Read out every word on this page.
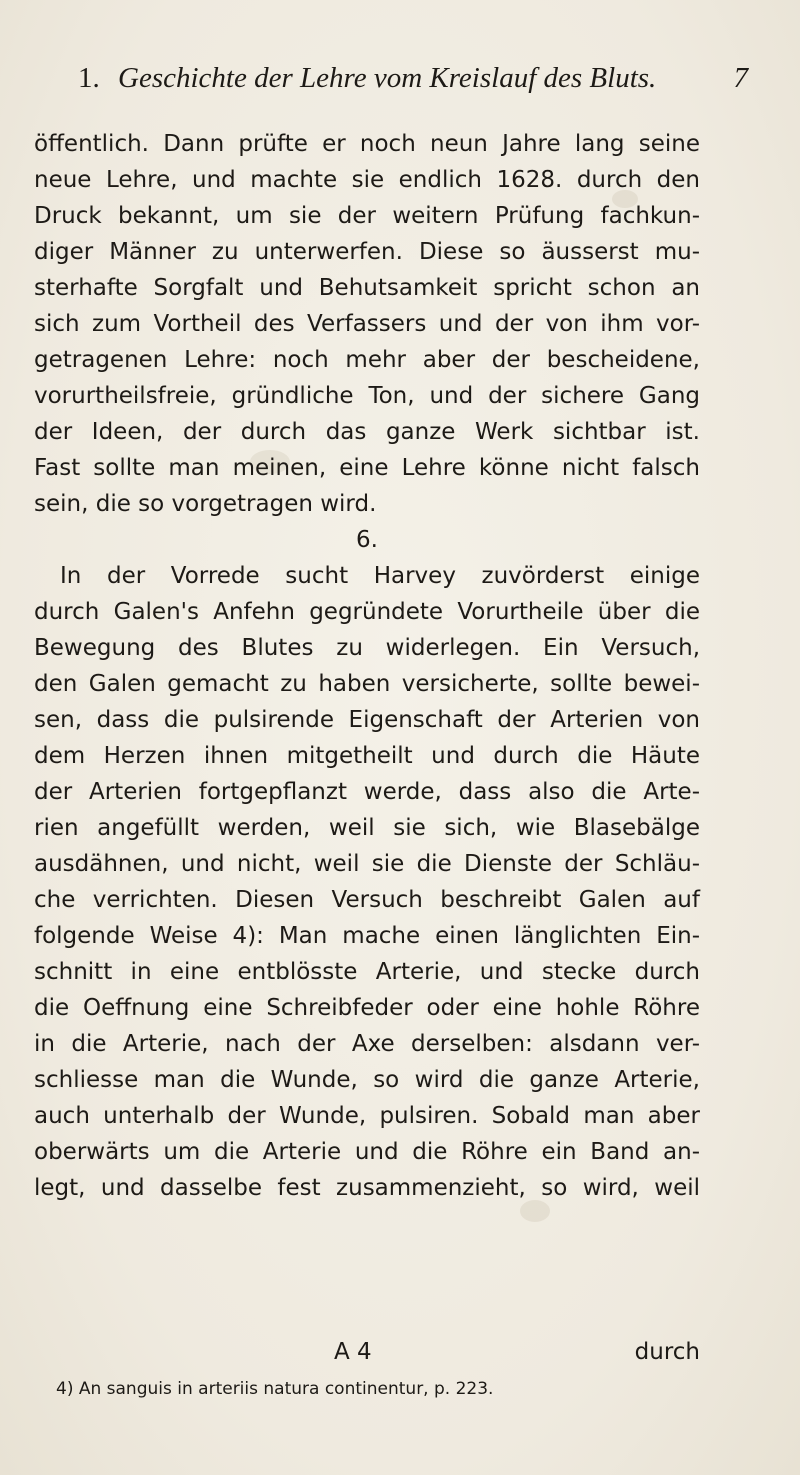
1. Geschichte der Lehre vom Kreislauf des Bluts.	7
öffentlich. Dann prüfte er noch neun Jahre lang seine
neue Lehre, und machte sie endlich 1628. durch den
Druck bekannt, um sie der weitern Prüfung fachkun-
diger Männer zu unterwerfen. Diese so äusserst mu-
sterhafte Sorgfalt und Behutsamkeit spricht schon an
sich zum Vortheil des Verfassers und der von ihm vor-
getragenen Lehre: noch mehr aber der bescheidene,
vorurtheilsfreie, gründliche Ton, und der sichere Gang
der Ideen, der durch das ganze Werk sichtbar ist.
Fast sollte man meinen, eine Lehre könne nicht falsch
sein, die so vorgetragen wird.
6.
In der Vorrede sucht Harvey zuvörderst einige
durch Galen's Anfehn gegründete Vorurtheile über die
Bewegung des Blutes zu widerlegen. Ein Versuch,
den Galen gemacht zu haben versicherte, sollte bewei-
sen, dass die pulsirende Eigenschaft der Arterien von
dem Herzen ihnen mitgetheilt und durch die Häute
der Arterien fortgepflanzt werde, dass also die Arte-
rien angefüllt werden, weil sie sich, wie Blasebälge
ausdähnen, und nicht, weil sie die Dienste der Schläu-
che verrichten. Diesen Versuch beschreibt Galen auf
folgende Weise 4): Man mache einen länglichten Ein-
schnitt in eine entblösste Arterie, und stecke durch
die Oeffnung eine Schreibfeder oder eine hohle Röhre
in die Arterie, nach der Axe derselben: alsdann ver-
schliesse man die Wunde, so wird die ganze Arterie,
auch unterhalb der Wunde, pulsiren. Sobald man aber
oberwärts um die Arterie und die Röhre ein Band an-
legt, und dasselbe fest zusammenzieht, so wird, weil
A 4	durch
4) An sanguis in arteriis natura continentur, p. 223.
